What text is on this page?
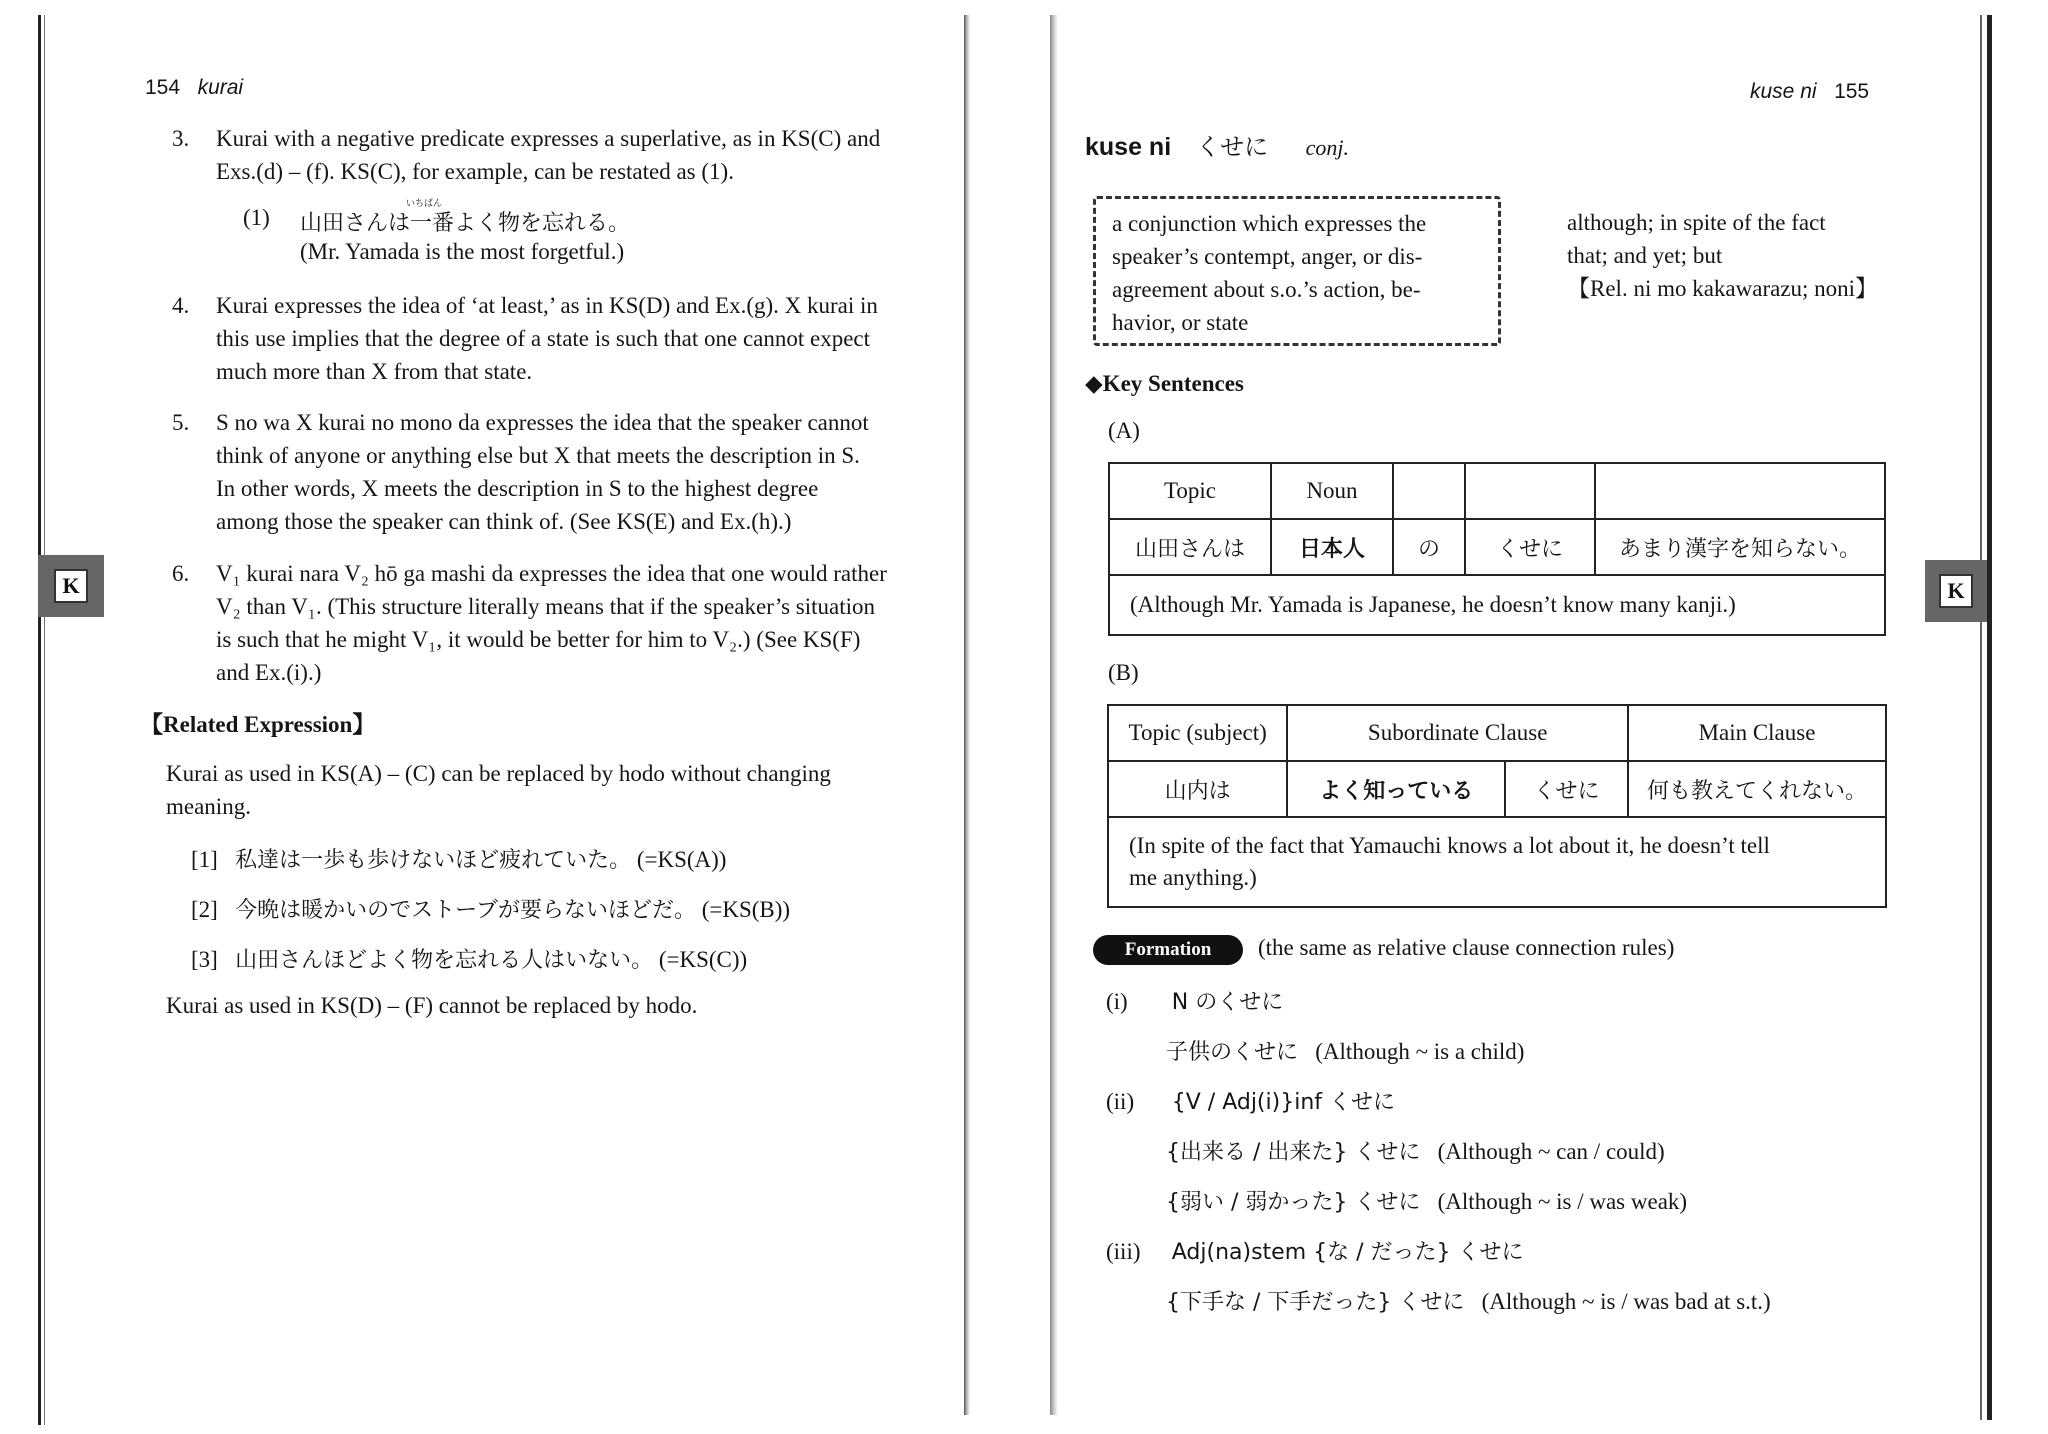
154 kurai
3. Kurai with a negative predicate expresses a superlative, as in KS(C) and
Exs.(d) – (f). KS(C), for example, can be restated as (1).
(1)
いちばん
山田さんは一番よく物を忘れる。
(Mr. Yamada is the most forgetful.)
4. Kurai expresses the idea of ‘at least,’ as in KS(D) and Ex.(g). X kurai in
this use implies that the degree of a state is such that one cannot expect
much more than X from that state.
5. S no wa X kurai no mono da expresses the idea that the speaker cannot
think of anyone or anything else but X that meets the description in S.
In other words, X meets the description in S to the highest degree
among those the speaker can think of. (See KS(E) and Ex.(h).)
6. V₁ kurai nara V₂ hō ga mashi da expresses the idea that one would rather
V₂ than V₁. (This structure literally means that if the speaker’s situation
is such that he might V₁, it would be better for him to V₂.) (See KS(F)
and Ex.(i).)
【Related Expression】
Kurai as used in KS(A) – (C) can be replaced by hodo without changing
meaning.
[1] 私達は一歩も歩けないほど疲れていた。 (=KS(A))
[2] 今晩は暖かいのでストーブが要らないほどだ。 (=KS(B))
[3] 山田さんほどよく物を忘れる人はいない。 (=KS(C))
Kurai as used in KS(D) – (F) cannot be replaced by hodo.
K
kuse ni 155
kuse ni くせに conj.
a conjunction which expresses the
speaker’s contempt, anger, or dis-
agreement about s.o.’s action, be-
havior, or state
although; in spite of the fact
that; and yet; but
【Rel. ni mo kakawarazu; noni】
◆Key Sentences
(A)
Topic	Noun			
山田さんは	日本人	の	くせに	あまり漢字を知らない。
(Although Mr. Yamada is Japanese, he doesn’t know many kanji.)				
(B)
Topic (subject)	Subordinate Clause		Main Clause
山内は	よく知っている	くせに	何も教えてくれない。

(In spite of the fact that Yamauchi knows a lot about it, he doesn’t tell
me anything.)			
Formation	(the same as relative clause connection rules)
(i) N のくせに
子供のくせに (Although ~ is a child)
(ii) {V / Adj(i)}inf くせに
{出来る / 出来た} くせに (Although ~ can / could)
{弱い / 弱かった} くせに (Although ~ is / was weak)
(iii) Adj(na)stem {な / だった} くせに
{下手な / 下手だった} くせに (Although ~ is / was bad at s.t.)
K
